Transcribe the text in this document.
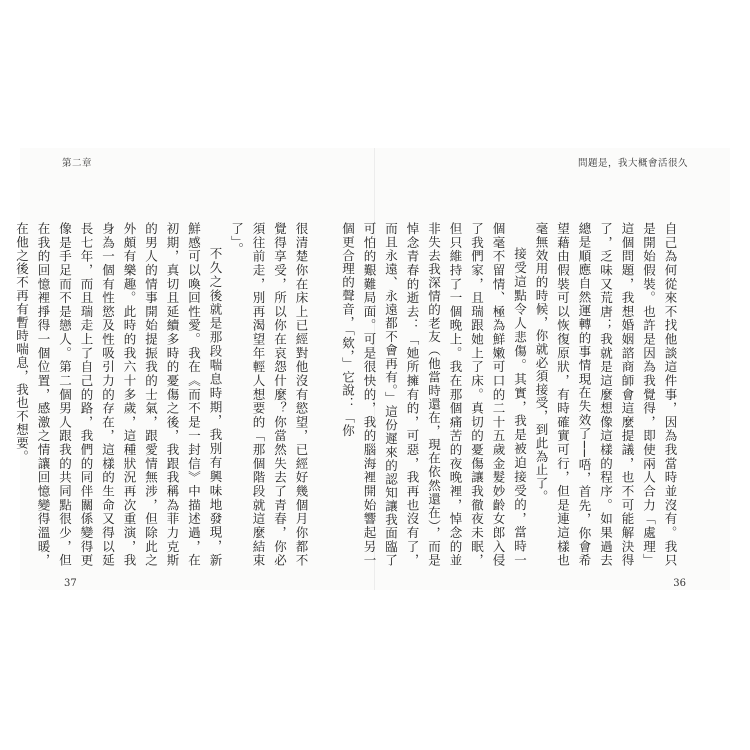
第二章	問題是，我大概會活很久

很清楚你在床上已經對他沒有慾望，已經好幾個月你都不覺得享受，所以你在哀怨什麼？你當然失去了青春，你必須往前走，別再渴望年輕人想要的「那個階段就這麼結束了」。

不久之後就是那段喘息時期，我別有興味地發現，新鮮感可以喚回性愛。我在《而不是一封信》中描述過，在初期，真切且延續多時的憂傷之後，我跟我稱為菲力克斯的男人的情事開始提振我的士氣，跟愛情無涉，但除此之外頗有樂趣。此時的我六十多歲，這種狀況再次重演，我身為一個有性慾及性吸引力的存在，這樣的生命又得以延長七年，而且瑞走上了自己的路，我們的同伴關係變得更像是手足而不是戀人。第二個男人跟我的共同點很少，但在我的回憶裡掙得一個位置，感激之情讓回憶變得溫暖，在他之後不再有暫時喘息，我也不想要。	自己為何從來不找他談這件事，因為我當時並沒有。我只是開始假裝。也許是因為我覺得，即使兩人合力「處理」這個問題，我想婚姻諮商師會這麼提議，也不可能解決得了，乏味又荒唐；我就是這麼想像這樣的程序。如果過去總是順應自然運轉的事情現在失效了──唔，首先，你會希望藉由假裝可以恢復原狀，有時確實可行，但是連這樣也毫無效用的時候，你就必須接受，到此為止了。

接受這點令人悲傷。其實，我是被迫接受的，當時一個毫不留情、極為鮮嫩可口的二十五歲金髮妙齡女郎入侵了我們家，且瑞跟她上了床。真切的憂傷讓我徹夜未眠，但只維持了一個晚上。我在那個痛苦的夜晚裡，悼念的並非失去我深情的老友（他當時還在，現在依然還在），而是悼念青春的逝去：「她所擁有的，可惡，我再也沒有了，而且永遠、永遠都不會再有。」這份遲來的認知讓我面臨了可怕的艱難局面。可是很快的，我的腦海裡開始響起另一個更合理的聲音，「欸，」它說：「你

37	36
